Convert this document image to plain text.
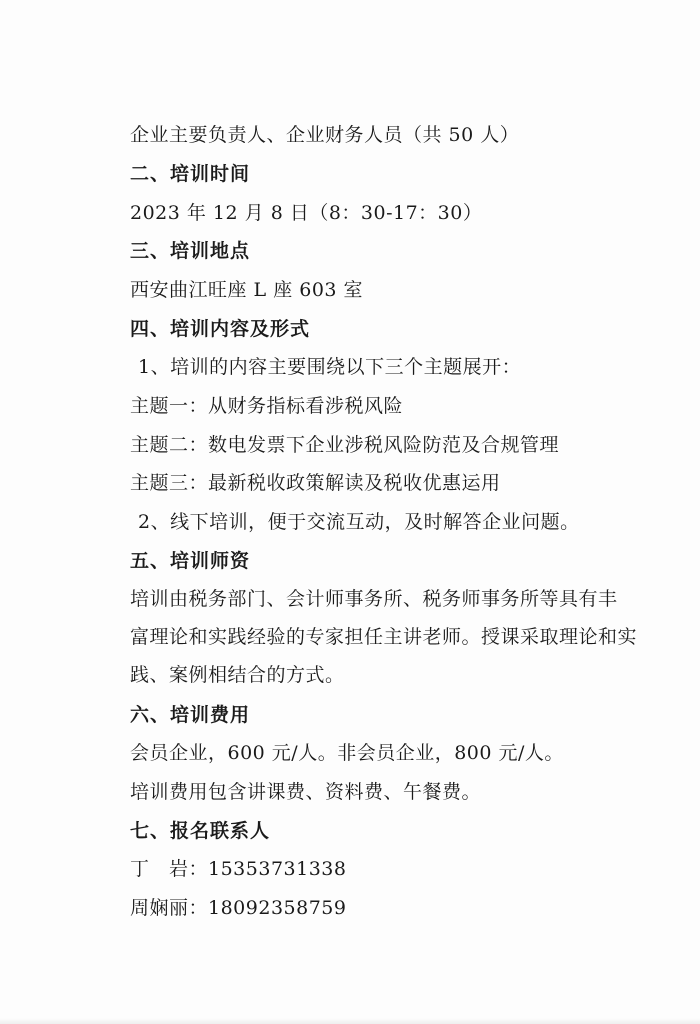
企业主要负责人、企业财务人员（共 50 人）
二、培训时间
2023 年 12 月 8 日（8：30-17：30）
三、培训地点
西安曲江旺座 L 座 603 室
四、培训内容及形式
1、培训的内容主要围绕以下三个主题展开：
主题一：从财务指标看涉税风险
主题二：数电发票下企业涉税风险防范及合规管理
主题三：最新税收政策解读及税收优惠运用
2、线下培训，便于交流互动，及时解答企业问题。
五、培训师资
培训由税务部门、会计师事务所、税务师事务所等具有丰
富理论和实践经验的专家担任主讲老师。授课采取理论和实
践、案例相结合的方式。
六、培训费用
会员企业，600 元/人。非会员企业，800 元/人。
培训费用包含讲课费、资料费、午餐费。
七、报名联系人
丁　岩：15353731338
周娴丽：18092358759
